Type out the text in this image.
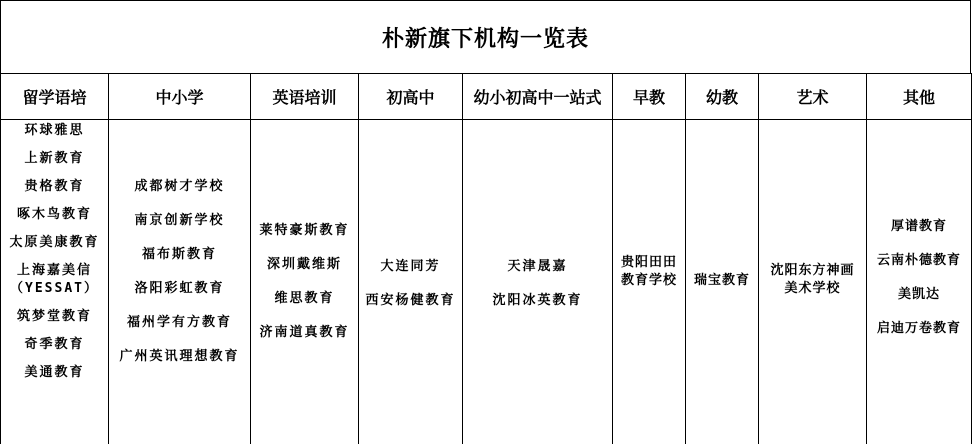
朴新旗下机构一览表
留学语培
环球雅思
上新教育
贵格教育
啄木鸟教育
太原美康教育
上海嘉美信
（YESSAT）
筑梦堂教育
奇季教育
美通教育
中小学
成都树才学校
南京创新学校
福布斯教育
洛阳彩虹教育
福州学有方教育
广州英讯理想教育
英语培训
莱特豪斯教育
深圳戴维斯
维思教育
济南道真教育
初高中
大连同芳
西安杨健教育
幼小初高中一站式
天津晟嘉
沈阳冰英教育
早教
贵阳田田
教育学校
幼教
瑞宝教育
艺术
沈阳东方神画
美术学校
其他
厚谱教育
云南朴德教育
美凯达
启迪万卷教育
